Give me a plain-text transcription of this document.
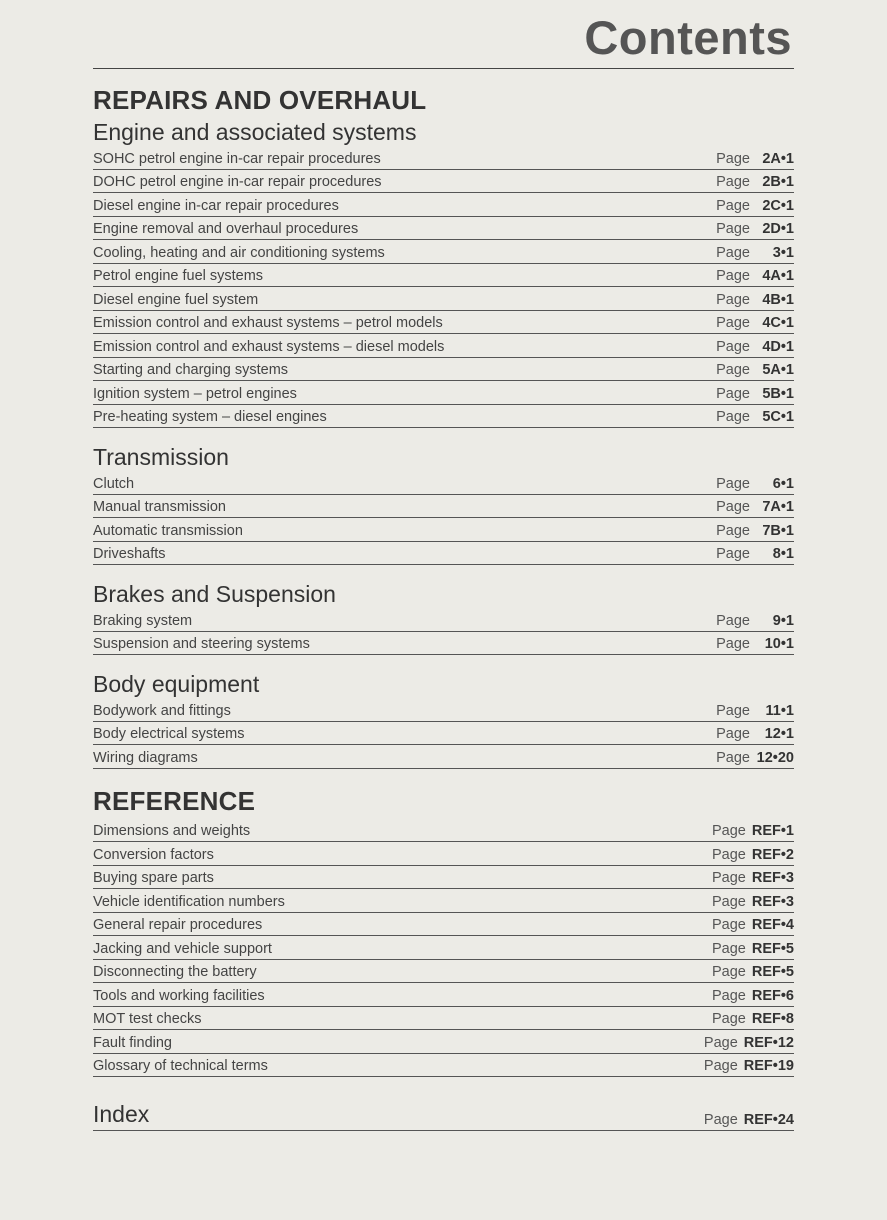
Contents
REPAIRS AND OVERHAUL
Engine and associated systems
SOHC petrol engine in-car repair procedures	Page 2A•1
DOHC petrol engine in-car repair procedures	Page 2B•1
Diesel engine in-car repair procedures	Page 2C•1
Engine removal and overhaul procedures	Page 2D•1
Cooling, heating and air conditioning systems	Page 3•1
Petrol engine fuel systems	Page 4A•1
Diesel engine fuel system	Page 4B•1
Emission control and exhaust systems – petrol models	Page 4C•1
Emission control and exhaust systems – diesel models	Page 4D•1
Starting and charging systems	Page 5A•1
Ignition system – petrol engines	Page 5B•1
Pre-heating system – diesel engines	Page 5C•1
Transmission
Clutch	Page 6•1
Manual transmission	Page 7A•1
Automatic transmission	Page 7B•1
Driveshafts	Page 8•1
Brakes and Suspension
Braking system	Page 9•1
Suspension and steering systems	Page 10•1
Body equipment
Bodywork and fittings	Page 11•1
Body electrical systems	Page 12•1
Wiring diagrams	Page 12•20
REFERENCE
Dimensions and weights	Page REF•1
Conversion factors	Page REF•2
Buying spare parts	Page REF•3
Vehicle identification numbers	Page REF•3
General repair procedures	Page REF•4
Jacking and vehicle support	Page REF•5
Disconnecting the battery	Page REF•5
Tools and working facilities	Page REF•6
MOT test checks	Page REF•8
Fault finding	Page REF•12
Glossary of technical terms	Page REF•19
Index	Page REF•24
